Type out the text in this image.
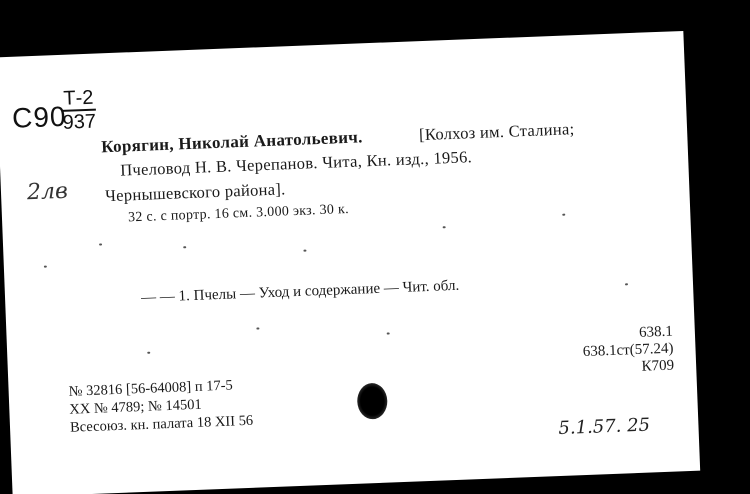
С90
Т-2
937
2лв
Корягин, Николай Анатольевич.	[Колхоз им. Сталина;
Пчеловод Н. В. Черепанов. Чита, Кн. изд., 1956.
Чернышевского района].
32 с. с портр. 16 см. 3.000 экз. 30 к.
— — 1. Пчелы — Уход и содержание — Чит. обл.
638.1
638.1ст(57.24)
К709
№ 32816 [56-64008] п 17-5
ХХ № 4789; № 14501
Всесоюз. кн. палата 18 XII 56	5.1.57. 25
